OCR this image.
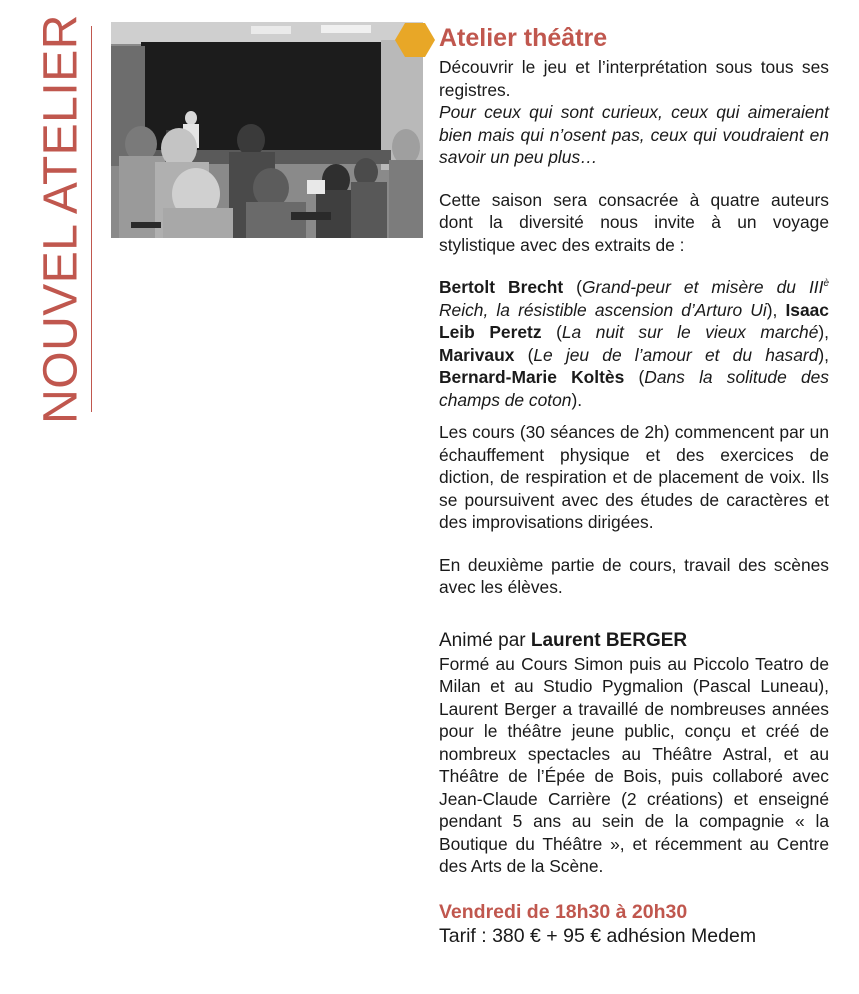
NOUVEL ATELIER	Atelier théâtre

Découvrir le jeu et l’interprétation sous tous ses registres.

Pour ceux qui sont curieux, ceux qui aimeraient bien mais qui n’osent pas, ceux qui voudraient en savoir un peu plus…

Cette saison sera consacrée à quatre auteurs dont la diversité nous invite à un voyage stylistique avec des extraits de :

Bertolt Brecht (Grand-peur et misère du $III^è$ Reich, la résistible ascension d’Arturo Ui), Isaac Leib Peretz (La nuit sur le vieux marché), Marivaux (Le jeu de l’amour et du hasard), Bernard-Marie Koltès (Dans la solitude des champs de coton).

Les cours (30 séances de 2h) commencent par un échauffement physique et des exercices de diction, de respiration et de placement de voix. Ils se poursuivent avec des études de caractères et des improvisations dirigées.

En deuxième partie de cours, travail des scènes avec les élèves.

Animé par Laurent BERGER

Formé au Cours Simon puis au Piccolo Teatro de Milan et au Studio Pygmalion (Pascal Luneau), Laurent Berger a travaillé de nombreuses années pour le théâtre jeune public, conçu et créé de nombreux spectacles au Théâtre Astral, et au Théâtre de l’Épée de Bois, puis collaboré avec Jean-Claude Carrière (2 créations) et enseigné pendant 5 ans au sein de la compagnie « la Boutique du Théâtre », et récemment au Centre des Arts de la Scène.

Vendredi de 18h30 à 20h30

Tarif : 380 € + 95 € adhésion Medem
